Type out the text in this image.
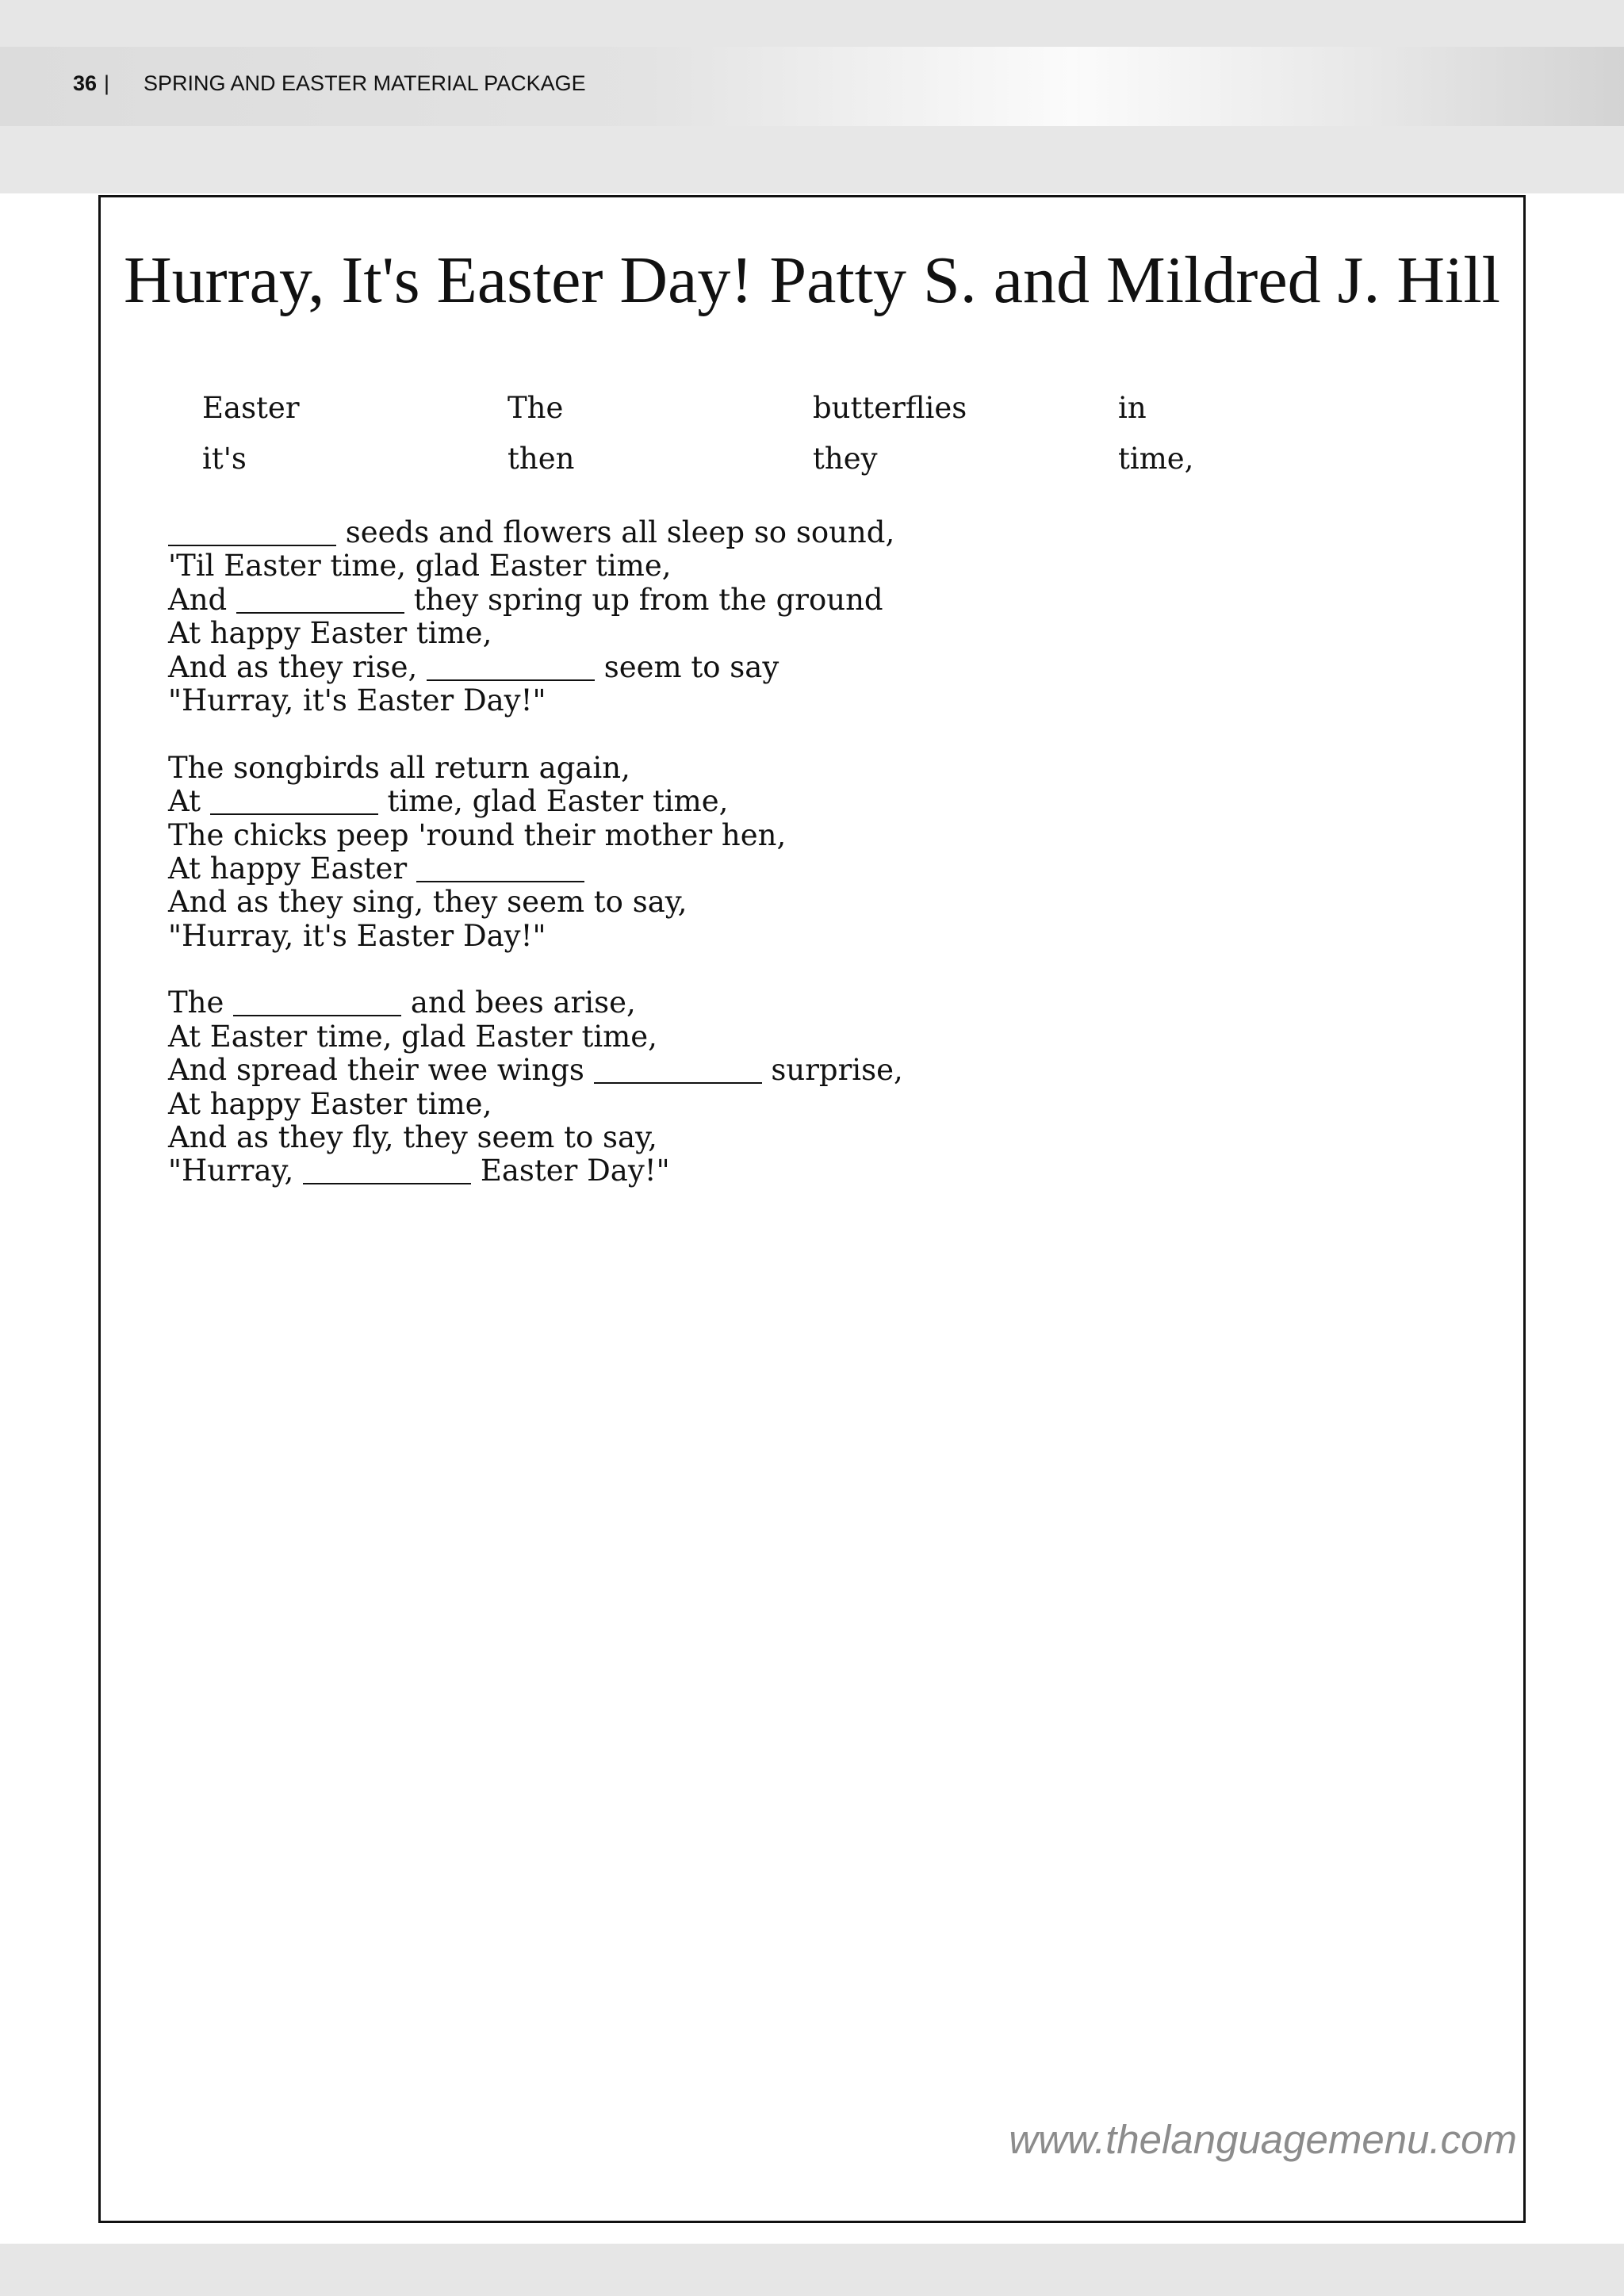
36 | SPRING AND EASTER MATERIAL PACKAGE
Hurray, It's Easter Day! Patty S. and Mildred J. Hill
Easter	The	butterflies	in
it's	then	they	time,
seeds and flowers all sleep so sound,
'Til Easter time, glad Easter time,
And	they spring up from the ground
At happy Easter time,
And as they rise,	seem to say
"Hurray, it's Easter Day!"
The songbirds all return again,
At	time, glad Easter time,
The chicks peep 'round their mother hen,
At happy Easter
And as they sing, they seem to say,
"Hurray, it's Easter Day!"
The	and bees arise,
At Easter time, glad Easter time,
And spread their wee wings	surprise,
At happy Easter time,
And as they fly, they seem to say,
"Hurray,	Easter Day!"
www.thelanguagemenu.com
